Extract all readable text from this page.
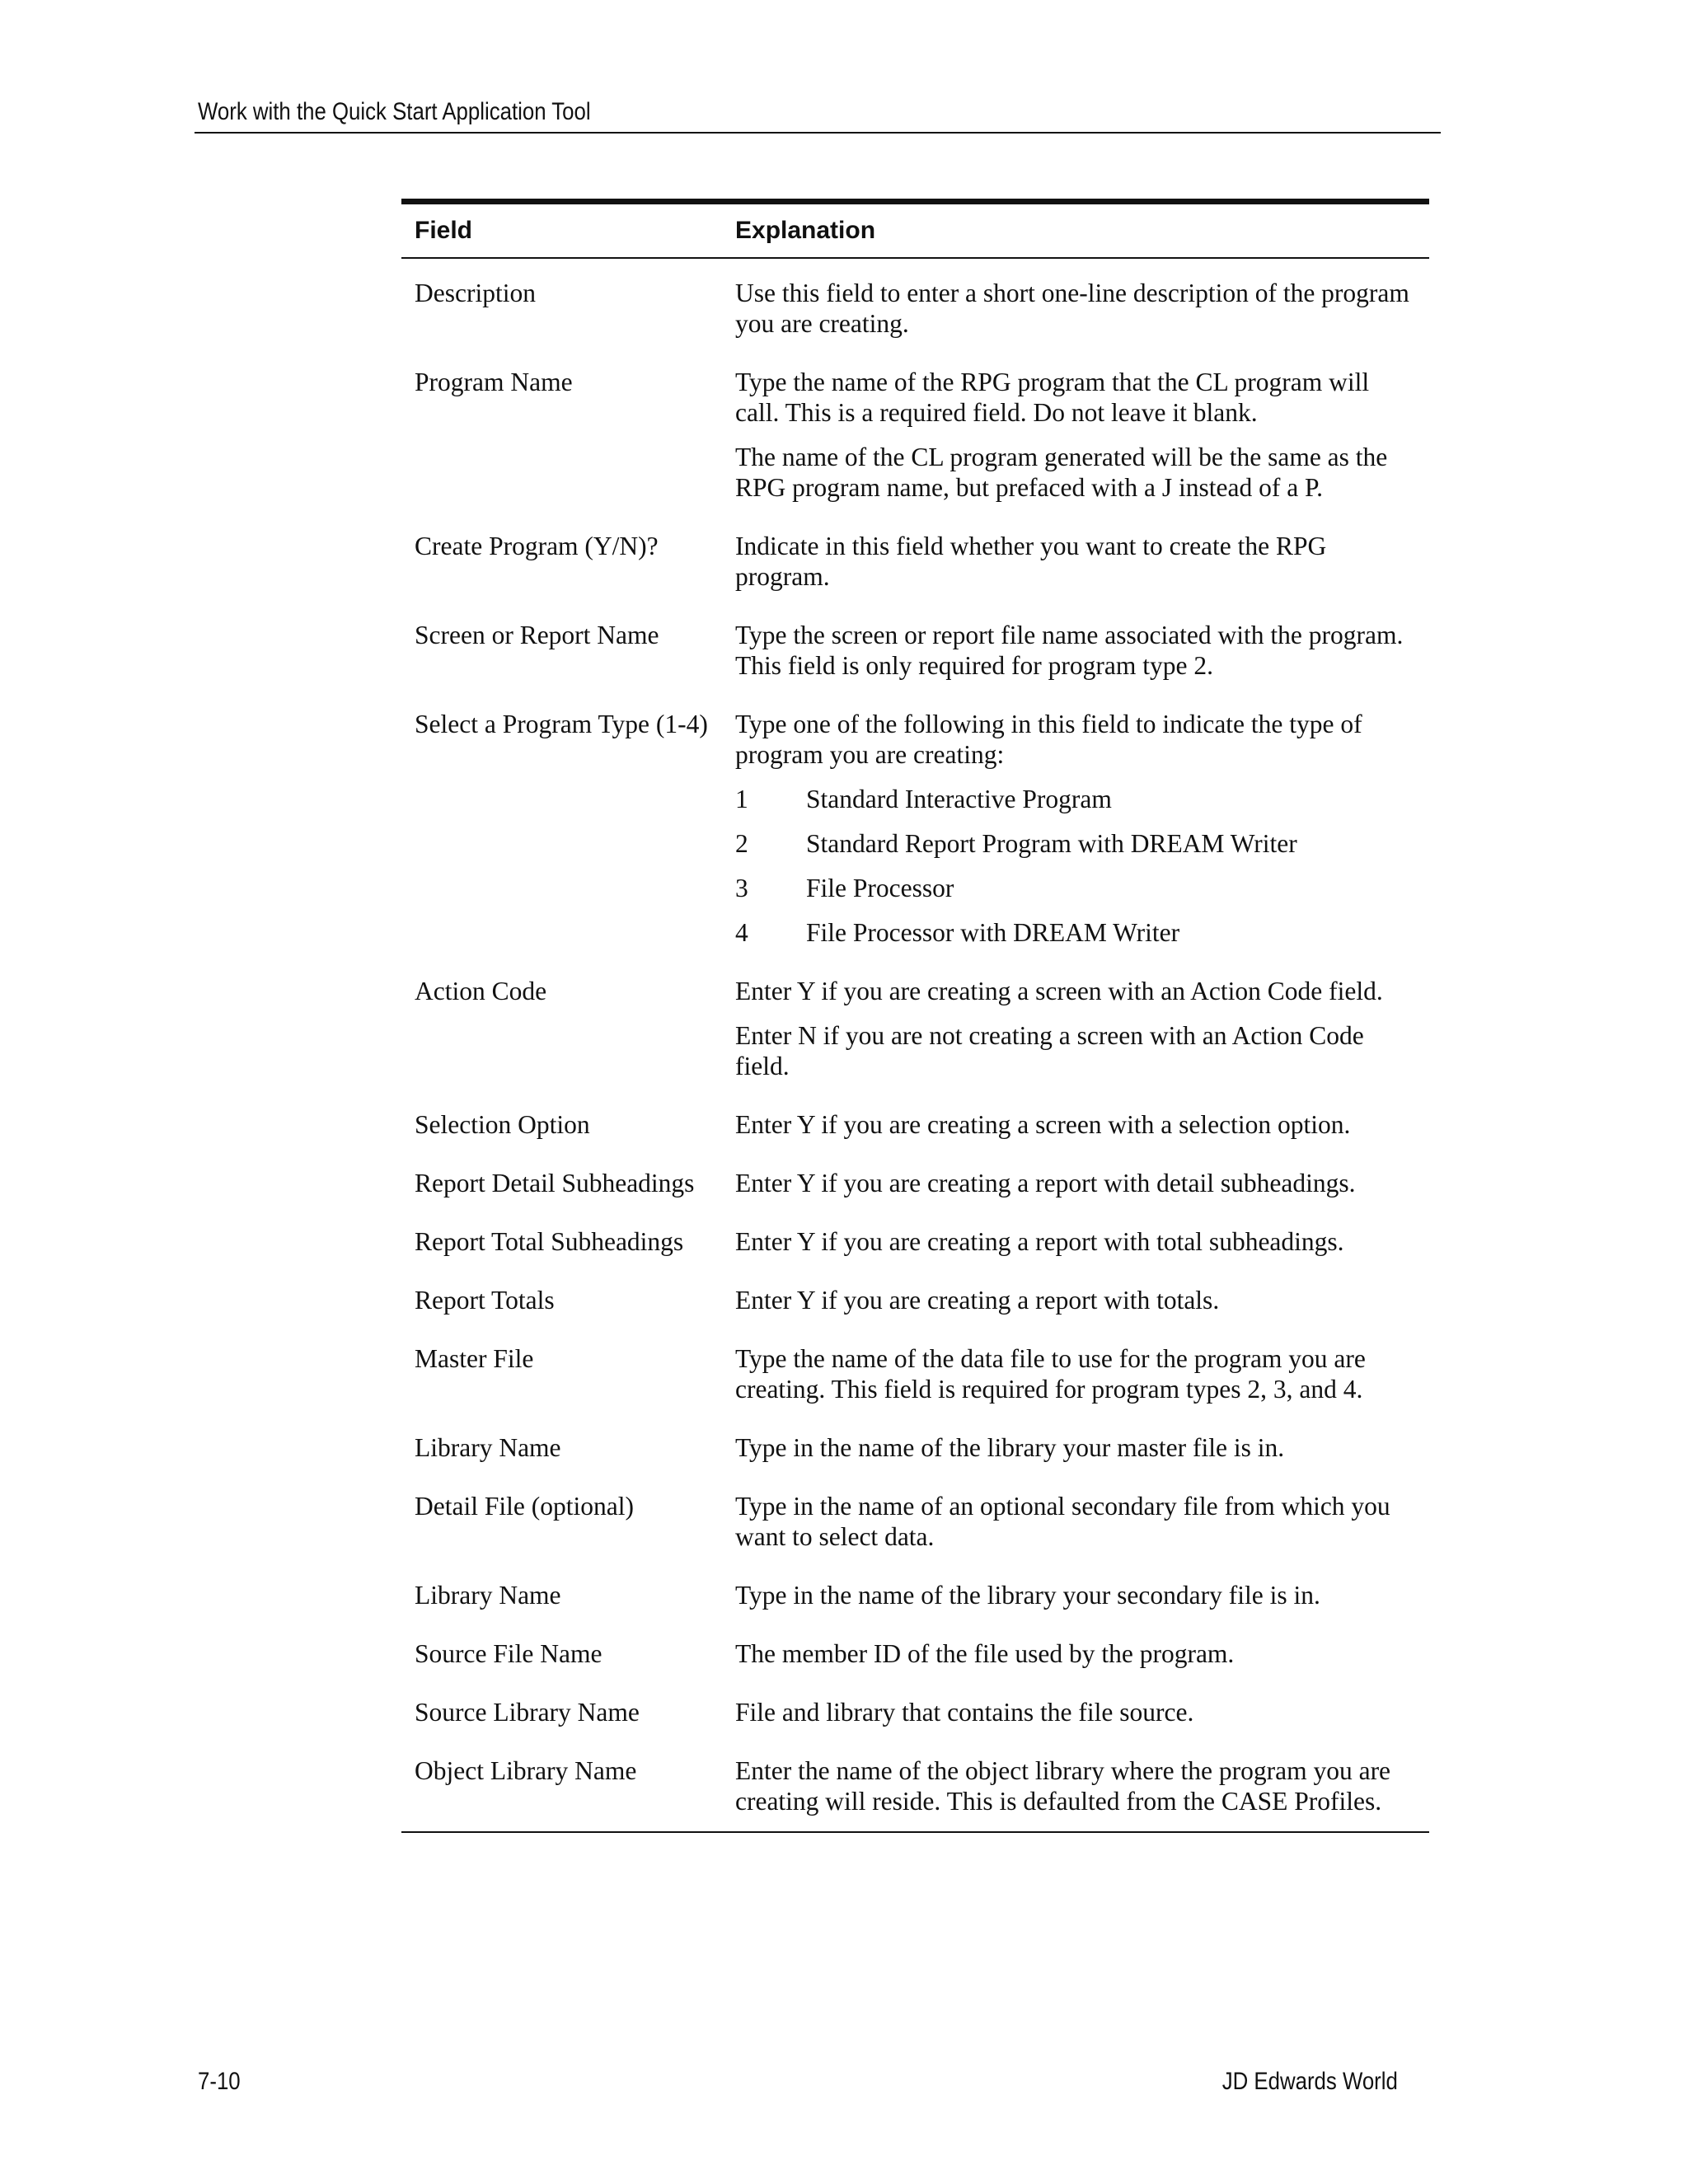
Work with the Quick Start Application Tool
Field	Explanation
Description	Use this field to enter a short one-line description of the program you are creating.

Program Name	Type the name of the RPG program that the CL program will call. This is a required field. Do not leave it blank.

The name of the CL program generated will be the same as the RPG program name, but prefaced with a J instead of a P.

Create Program (Y/N)?	Indicate in this field whether you want to create the RPG program.

Screen or Report Name	Type the screen or report file name associated with the program. This field is only required for program type 2.

Select a Program Type (1-4)	Type one of the following in this field to indicate the type of program you are creating:

1	Standard Interactive Program
2	Standard Report Program with DREAM Writer
3	File Processor
4	File Processor with DREAM Writer
Action Code	Enter Y if you are creating a screen with an Action Code field.

Enter N if you are not creating a screen with an Action Code field.

Selection Option	Enter Y if you are creating a screen with a selection option.

Report Detail Subheadings	Enter Y if you are creating a report with detail subheadings.

Report Total Subheadings	Enter Y if you are creating a report with total subheadings.

Report Totals	Enter Y if you are creating a report with totals.

Master File	Type the name of the data file to use for the program you are creating. This field is required for program types 2, 3, and 4.

Library Name	Type in the name of the library your master file is in.

Detail File (optional)	Type in the name of an optional secondary file from which you want to select data.

Library Name	Type in the name of the library your secondary file is in.

Source File Name	The member ID of the file used by the program.

Source Library Name	File and library that contains the file source.

Object Library Name	Enter the name of the object library where the program you are creating will reside. This is defaulted from the CASE Profiles.

7-10	JD Edwards World
